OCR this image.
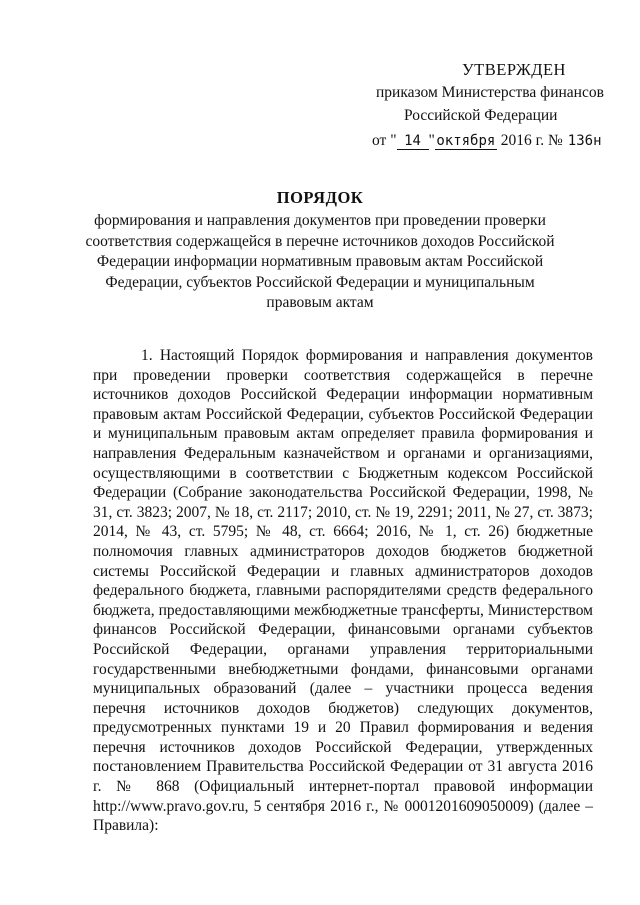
УТВЕРЖДЕН
приказом Министерства финансов
Российской Федерации
от " 14 "октября 2016 г. № 136н
ПОРЯДОК
формирования и направления документов при проведении проверки соответствия содержащейся в перечне источников доходов Российской Федерации информации нормативным правовым актам Российской Федерации, субъектов Российской Федерации и муниципальным правовым актам
1. Настоящий Порядок формирования и направления документов при проведении проверки соответствия содержащейся в перечне источников доходов Российской Федерации информации нормативным правовым актам Российской Федерации, субъектов Российской Федерации и муниципальным правовым актам определяет правила формирования и направления Федеральным казначейством и органами и организациями, осуществляющими в соответствии с Бюджетным кодексом Российской Федерации (Собрание законодательства Российской Федерации, 1998, № 31, ст. 3823; 2007, № 18, ст. 2117; 2010, ст. № 19, 2291; 2011, № 27, ст. 3873; 2014, № 43, ст. 5795; № 48, ст. 6664; 2016, № 1, ст. 26) бюджетные полномочия главных администраторов доходов бюджетов бюджетной системы Российской Федерации и главных администраторов доходов федерального бюджета, главными распорядителями средств федерального бюджета, предоставляющими межбюджетные трансферты, Министерством финансов Российской Федерации, финансовыми органами субъектов Российской Федерации, органами управления территориальными государственными внебюджетными фондами, финансовыми органами муниципальных образований (далее – участники процесса ведения перечня источников доходов бюджетов) следующих документов, предусмотренных пунктами 19 и 20 Правил формирования и ведения перечня источников доходов Российской Федерации, утвержденных постановлением Правительства Российской Федерации от 31 августа 2016 г. № 868 (Официальный интернет-портал правовой информации http://www.pravo.gov.ru, 5 сентября 2016 г., № 0001201609050009) (далее – Правила):
